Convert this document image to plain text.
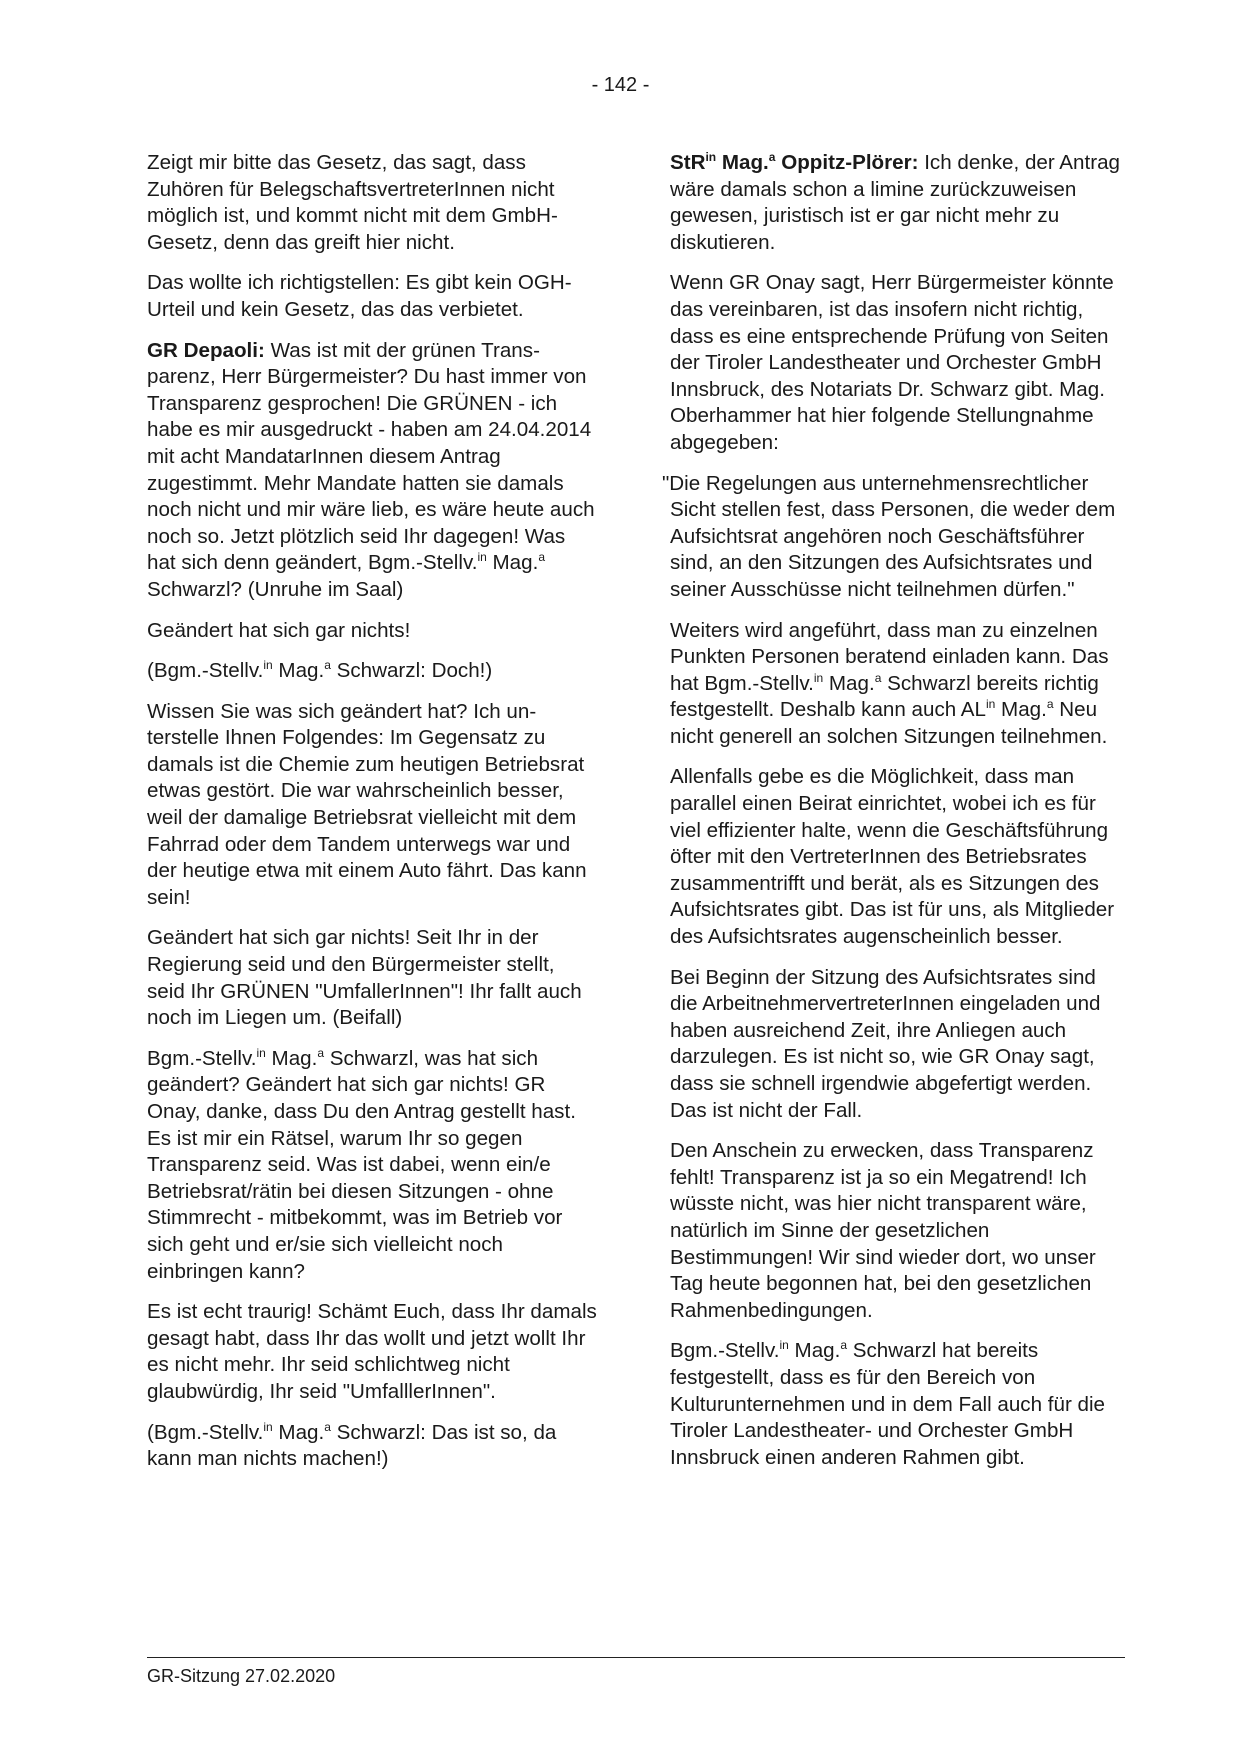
- 142 -

Zeigt mir bitte das Gesetz, das sagt, dass Zuhören für BelegschaftsvertreterInnen nicht möglich ist, und kommt nicht mit dem GmbH-Gesetz, denn das greift hier nicht.

Das wollte ich richtigstellen: Es gibt kein OGH-Urteil und kein Gesetz, das das verbietet.

GR Depaoli: Was ist mit der grünen Transparenz, Herr Bürgermeister? Du hast immer von Transparenz gesprochen! Die GRÜNEN - ich habe es mir ausgedruckt - haben am 24.04.2014 mit acht MandatarInnen diesem Antrag zugestimmt. Mehr Mandate hatten sie damals noch nicht und mir wäre lieb, es wäre heute auch noch so. Jetzt plötzlich seid Ihr dagegen! Was hat sich denn geändert, Bgm.-Stellv.$^{in}$ Mag.$^a$ Schwarzl? (Unruhe im Saal)

Geändert hat sich gar nichts!

(Bgm.-Stellv.$^{in}$ Mag.$^a$ Schwarzl: Doch!)

Wissen Sie was sich geändert hat? Ich unterstelle Ihnen Folgendes: Im Gegensatz zu damals ist die Chemie zum heutigen Betriebsrat etwas gestört. Die war wahrscheinlich besser, weil der damalige Betriebsrat vielleicht mit dem Fahrrad oder dem Tandem unterwegs war und der heutige etwa mit einem Auto fährt. Das kann sein!

Geändert hat sich gar nichts! Seit Ihr in der Regierung seid und den Bürgermeister stellt, seid Ihr GRÜNEN "UmfallerInnen"! Ihr fallt auch noch im Liegen um. (Beifall)

Bgm.-Stellv.$^{in}$ Mag.$^a$ Schwarzl, was hat sich geändert? Geändert hat sich gar nichts! GR Onay, danke, dass Du den Antrag gestellt hast. Es ist mir ein Rätsel, warum Ihr so gegen Transparenz seid. Was ist dabei, wenn ein/e Betriebsrat/rätin bei diesen Sitzungen - ohne Stimmrecht - mitbekommt, was im Betrieb vor sich geht und er/sie sich vielleicht noch einbringen kann?

Es ist echt traurig! Schämt Euch, dass Ihr damals gesagt habt, dass Ihr das wollt und jetzt wollt Ihr es nicht mehr. Ihr seid schlichtweg nicht glaubwürdig, Ihr seid "UmfalllerInnen".

(Bgm.-Stellv.$^{in}$ Mag.$^a$ Schwarzl: Das ist so, da kann man nichts machen!)

StR$^{in}$ Mag.$^a$ Oppitz-Plörer: Ich denke, der Antrag wäre damals schon a limine zurückzuweisen gewesen, juristisch ist er gar nicht mehr zu diskutieren.

Wenn GR Onay sagt, Herr Bürgermeister könnte das vereinbaren, ist das insofern nicht richtig, dass es eine entsprechende Prüfung von Seiten der Tiroler Landestheater und Orchester GmbH Innsbruck, des Notariats Dr. Schwarz gibt. Mag. Oberhammer hat hier folgende Stellungnahme abgegeben:

"Die Regelungen aus unternehmensrechtlicher Sicht stellen fest, dass Personen, die weder dem Aufsichtsrat angehören noch Geschäftsführer sind, an den Sitzungen des Aufsichtsrates und seiner Ausschüsse nicht teilnehmen dürfen."

Weiters wird angeführt, dass man zu einzelnen Punkten Personen beratend einladen kann. Das hat Bgm.-Stellv.$^{in}$ Mag.$^a$ Schwarzl bereits richtig festgestellt. Deshalb kann auch $AL^{in}$ Mag.$^a$ Neu nicht generell an solchen Sitzungen teilnehmen.

Allenfalls gebe es die Möglichkeit, dass man parallel einen Beirat einrichtet, wobei ich es für viel effizienter halte, wenn die Geschäftsführung öfter mit den VertreterInnen des Betriebsrates zusammentrifft und berät, als es Sitzungen des Aufsichtsrates gibt. Das ist für uns, als Mitglieder des Aufsichtsrates augenscheinlich besser.

Bei Beginn der Sitzung des Aufsichtsrates sind die ArbeitnehmervertreterInnen eingeladen und haben ausreichend Zeit, ihre Anliegen auch darzulegen. Es ist nicht so, wie GR Onay sagt, dass sie schnell irgendwie abgefertigt werden. Das ist nicht der Fall.

Den Anschein zu erwecken, dass Transparenz fehlt! Transparenz ist ja so ein Megatrend! Ich wüsste nicht, was hier nicht transparent wäre, natürlich im Sinne der gesetzlichen Bestimmungen! Wir sind wieder dort, wo unser Tag heute begonnen hat, bei den gesetzlichen Rahmenbedingungen.

Bgm.-Stellv.$^{in}$ Mag.$^a$ Schwarzl hat bereits festgestellt, dass es für den Bereich von Kulturunternehmen und in dem Fall auch für die Tiroler Landestheater- und Orchester GmbH Innsbruck einen anderen Rahmen gibt.

GR-Sitzung 27.02.2020
